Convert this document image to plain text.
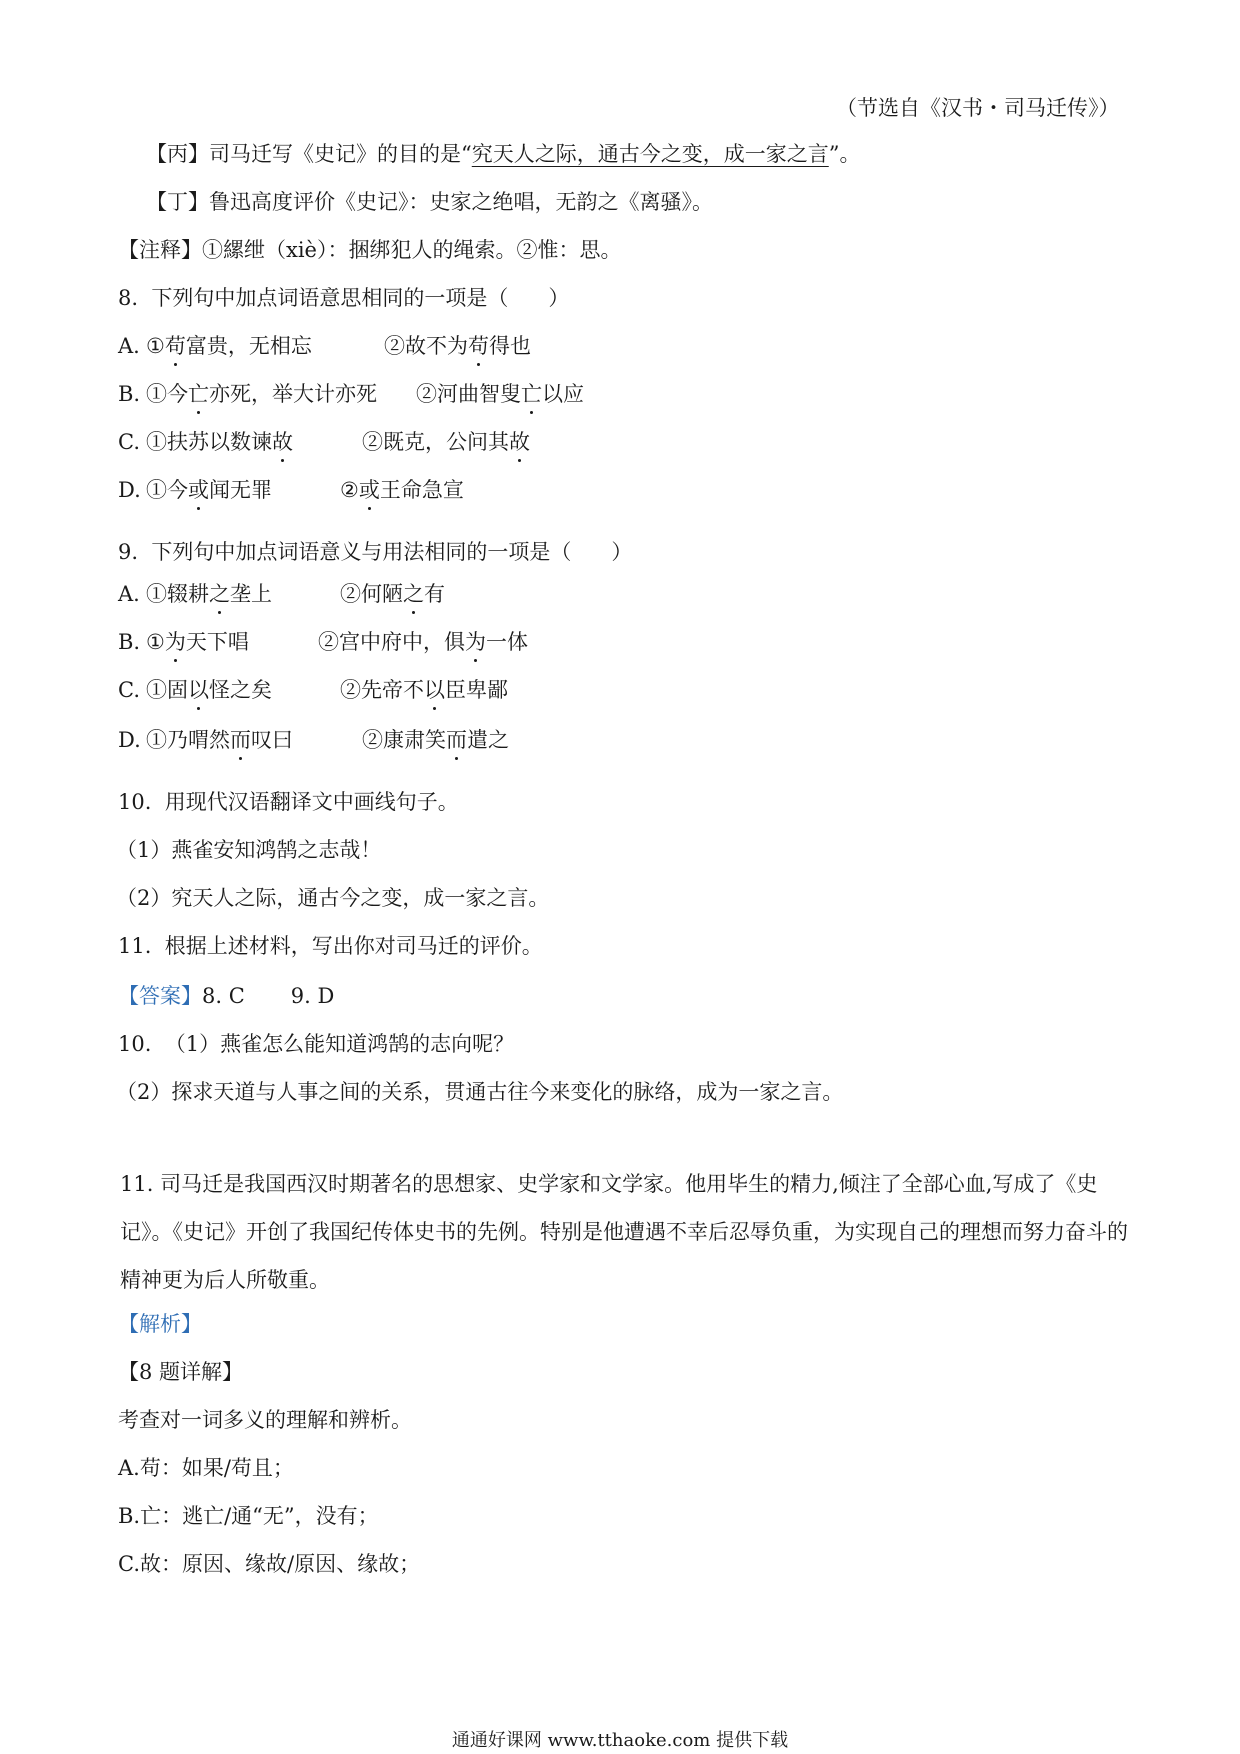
（节选自《汉书・司马迁传》）
【丙】司马迁写《史记》的目的是“究天人之际，通古今之变，成一家之言”。
【丁】鲁迅高度评价《史记》：史家之绝唱，无韵之《离骚》。
【注释】①縲绁（xiè）：捆绑犯人的绳索。②惟：思。
8.  下列句中加点词语意思相同的一项是（      ）
A. ①苟富贵，无相忘	②故不为苟得也
B. ①今亡亦死，举大计亦死 ②河曲智叟亡以应
C. ①扶苏以数谏故	②既克，公问其故
D. ①今或闻无罪	②或王命急宣
9.  下列句中加点词语意义与用法相同的一项是（      ）
A. ①辍耕之垄上	②何陋之有
B. ①为天下唱	②宫中府中，俱为一体
C. ①固以怪之矣	②先帝不以臣卑鄙
D. ①乃喟然而叹曰	②康肃笑而遣之
10.  用现代汉语翻译文中画线句子。
（1）燕雀安知鸿鹄之志哉！
（2）究天人之际，通古今之变，成一家之言。
11.  根据上述材料，写出你对司马迁的评价。
【答案】8. C 9. D
10.  （1）燕雀怎么能知道鸿鹄的志向呢？
（2）探求天道与人事之间的关系，贯通古往今来变化的脉络，成为一家之言。
11. 司马迁是我国西汉时期著名的思想家、史学家和文学家。他用毕生的精力,倾注了全部心血,写成了《史记》。《史记》开创了我国纪传体史书的先例。特别是他遭遇不幸后忍辱负重，为实现自己的理想而努力奋斗的精神更为后人所敬重。
【解析】
【8 题详解】
考查对一词多义的理解和辨析。
A.苟：如果/苟且；
B.亡：逃亡/通“无”，没有；
C.故：原因、缘故/原因、缘故；
通通好课网 www.tthaoke.com 提供下载
